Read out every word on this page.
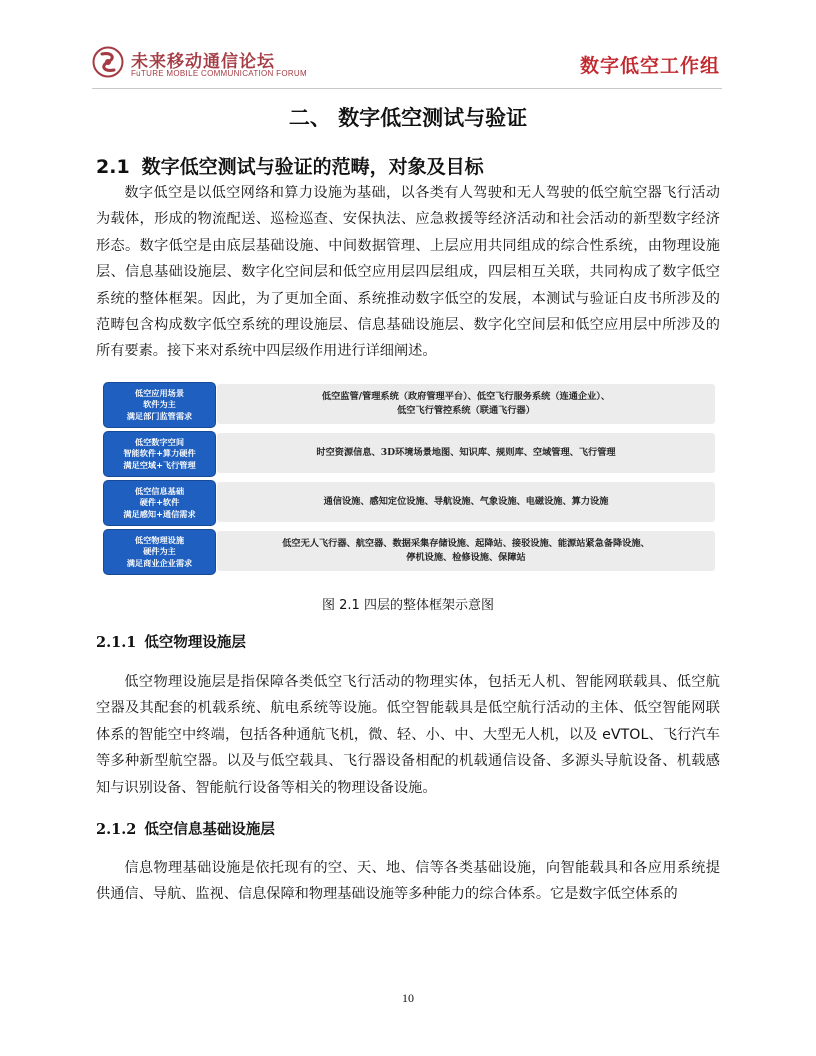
未来移动通信论坛
FuTURE MOBILE COMMUNICATION FORUM	数字低空工作组
二、 数字低空测试与验证
2.1 数字低空测试与验证的范畴，对象及目标

数字低空是以低空网络和算力设施为基础，以各类有人驾驶和无人驾驶的低空航空器飞行活动为载体，形成的物流配送、巡检巡查、安保执法、应急救援等经济活动和社会活动的新型数字经济形态。数字低空是由底层基础设施、中间数据管理、上层应用共同组成的综合性系统，由物理设施层、信息基础设施层、数字化空间层和低空应用层四层组成，四层相互关联，共同构成了数字低空系统的整体框架。因此，为了更加全面、系统推动数字低空的发展，本测试与验证白皮书所涉及的范畴包含构成数字低空系统的理设施层、信息基础设施层、数字化空间层和低空应用层中所涉及的所有要素。接下来对系统中四层级作用进行详细阐述。

低空应用场景
软件为主
满足部门监管需求
低空监管/管理系统（政府管理平台）、低空飞行服务系统（连通企业）、
低空飞行管控系统（联通飞行器）
低空数字空间
智能软件+算力硬件
满足空域+飞行管理
时空资源信息、3D环境场景地图、知识库、规则库、空域管理、飞行管理
低空信息基础
硬件+软件
满足感知+通信需求
通信设施、感知定位设施、导航设施、气象设施、电磁设施、算力设施
低空物理设施
硬件为主
满足商业企业需求
低空无人飞行器、航空器、数据采集存储设施、起降站、接驳设施、能源站紧急备降设施、
停机设施、检修设施、保障站
图 2.1 四层的整体框架示意图
2.1.1 低空物理设施层

低空物理设施层是指保障各类低空飞行活动的物理实体，包括无人机、智能网联载具、低空航空器及其配套的机载系统、航电系统等设施。低空智能载具是低空航行活动的主体、低空智能网联体系的智能空中终端，包括各种通航飞机，微、轻、小、中、大型无人机，以及 eVTOL、飞行汽车等多种新型航空器。以及与低空载具、飞行器设备相配的机载通信设备、多源头导航设备、机载感知与识别设备、智能航行设备等相关的物理设备设施。

2.1.2 低空信息基础设施层

信息物理基础设施是依托现有的空、天、地、信等各类基础设施，向智能载具和各应用系统提供通信、导航、监视、信息保障和物理基础设施等多种能力的综合体系。它是数字低空体系的

10
